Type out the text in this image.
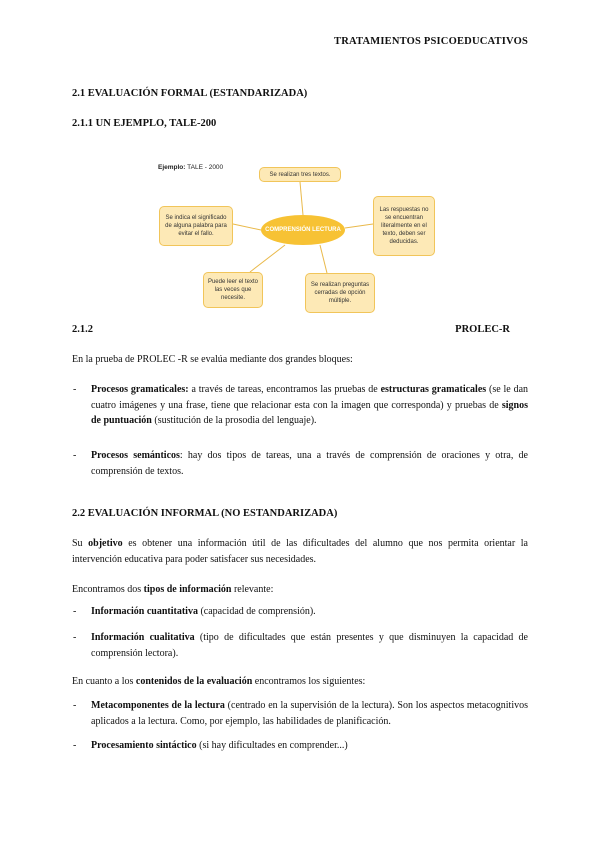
TRATAMIENTOS PSICOEDUCATIVOS
2.1 EVALUACIÓN FORMAL (ESTANDARIZADA)
2.1.1 UN EJEMPLO, TALE-200
Ejemplo: TALE - 2000
Se realizan tres textos.
Se indica el significado de alguna palabra para evitar el fallo.
Las respuestas no se encuentran literalmente en el texto, deben ser deducidas.
Puede leer el texto las veces que necesite.
Se realizan preguntas cerradas de opción múltiple.
COMPRENSIÓN LECTURA
2.1.2	PROLEC-R
En la prueba de PROLEC -R se evalúa mediante dos grandes bloques:
- Procesos gramaticales: a través de tareas, encontramos las pruebas de estructuras gramaticales (se le dan cuatro imágenes y una frase, tiene que relacionar esta con la imagen que corresponda) y pruebas de signos de puntuación (sustitución de la prosodia del lenguaje).
- Procesos semánticos: hay dos tipos de tareas, una a través de comprensión de oraciones y otra, de comprensión de textos.
2.2 EVALUACIÓN INFORMAL (NO ESTANDARIZADA)
Su objetivo es obtener una información útil de las dificultades del alumno que nos permita orientar la intervención educativa para poder satisfacer sus necesidades.
Encontramos dos tipos de información relevante:
- Información cuantitativa (capacidad de comprensión).
- Información cualitativa (tipo de dificultades que están presentes y que disminuyen la capacidad de comprensión lectora).
En cuanto a los contenidos de la evaluación encontramos los siguientes:
- Metacomponentes de la lectura (centrado en la supervisión de la lectura). Son los aspectos metacognitivos aplicados a la lectura. Como, por ejemplo, las habilidades de planificación.
- Procesamiento sintáctico (si hay dificultades en comprender...)
